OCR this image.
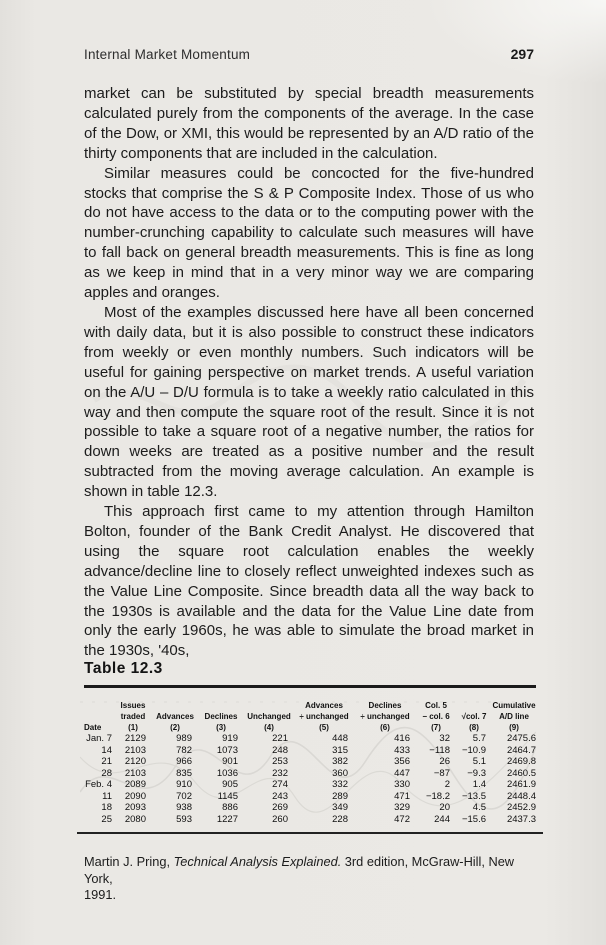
Internal Market Momentum	297

market can be substituted by special breadth measurements calculated purely from the components of the average. In the case of the Dow, or XMI, this would be represented by an A/D ratio of the thirty components that are included in the calculation.

Similar measures could be concocted for the five-hundred stocks that comprise the S & P Composite Index. Those of us who do not have access to the data or to the computing power with the number-crunching capability to calculate such measures will have to fall back on general breadth measurements. This is fine as long as we keep in mind that in a very minor way we are comparing apples and oranges.

Most of the examples discussed here have all been concerned with daily data, but it is also possible to construct these indicators from weekly or even monthly numbers. Such indicators will be useful for gaining perspective on market trends. A useful variation on the A/U – D/U formula is to take a weekly ratio calculated in this way and then compute the square root of the result. Since it is not possible to take a square root of a negative number, the ratios for down weeks are treated as a positive number and the result subtracted from the moving average calculation. An example is shown in table 12.3.

This approach first came to my attention through Hamilton Bolton, founder of the Bank Credit Analyst. He discovered that using the square root calculation enables the weekly advance/decline line to closely reflect unweighted indexes such as the Value Line Composite. Since breadth data all the way back to the 1930s is available and the data for the Value Line date from only the early 1960s, he was able to simulate the broad market in the 1930s, '40s,

Table 12.3
	Issues				Advances	Declines	Col. 5		Cumulative
	traded	Advances	Declines	Unchanged	÷ unchanged	÷ unchanged	− col. 6	√col. 7	A/D line
Date	(1)	(2)	(3)	(4)	(5)	(6)	(7)	(8)	(9)
Jan. 7	2129	989	919	221	448	416	32	5.7	2475.6
14	2103	782	1073	248	315	433	−118	−10.9	2464.7
21	2120	966	901	253	382	356	26	5.1	2469.8
28	2103	835	1036	232	360	447	−87	−9.3	2460.5
Feb. 4	2089	910	905	274	332	330	2	1.4	2461.9
11	2090	702	1145	243	289	471	−18.2	−13.5	2448.4
18	2093	938	886	269	349	329	20	4.5	2452.9
25	2080	593	1227	260	228	472	244	−15.6	2437.3
Martin J. Pring, Technical Analysis Explained. 3rd edition, McGraw-Hill, New York,
1991.
